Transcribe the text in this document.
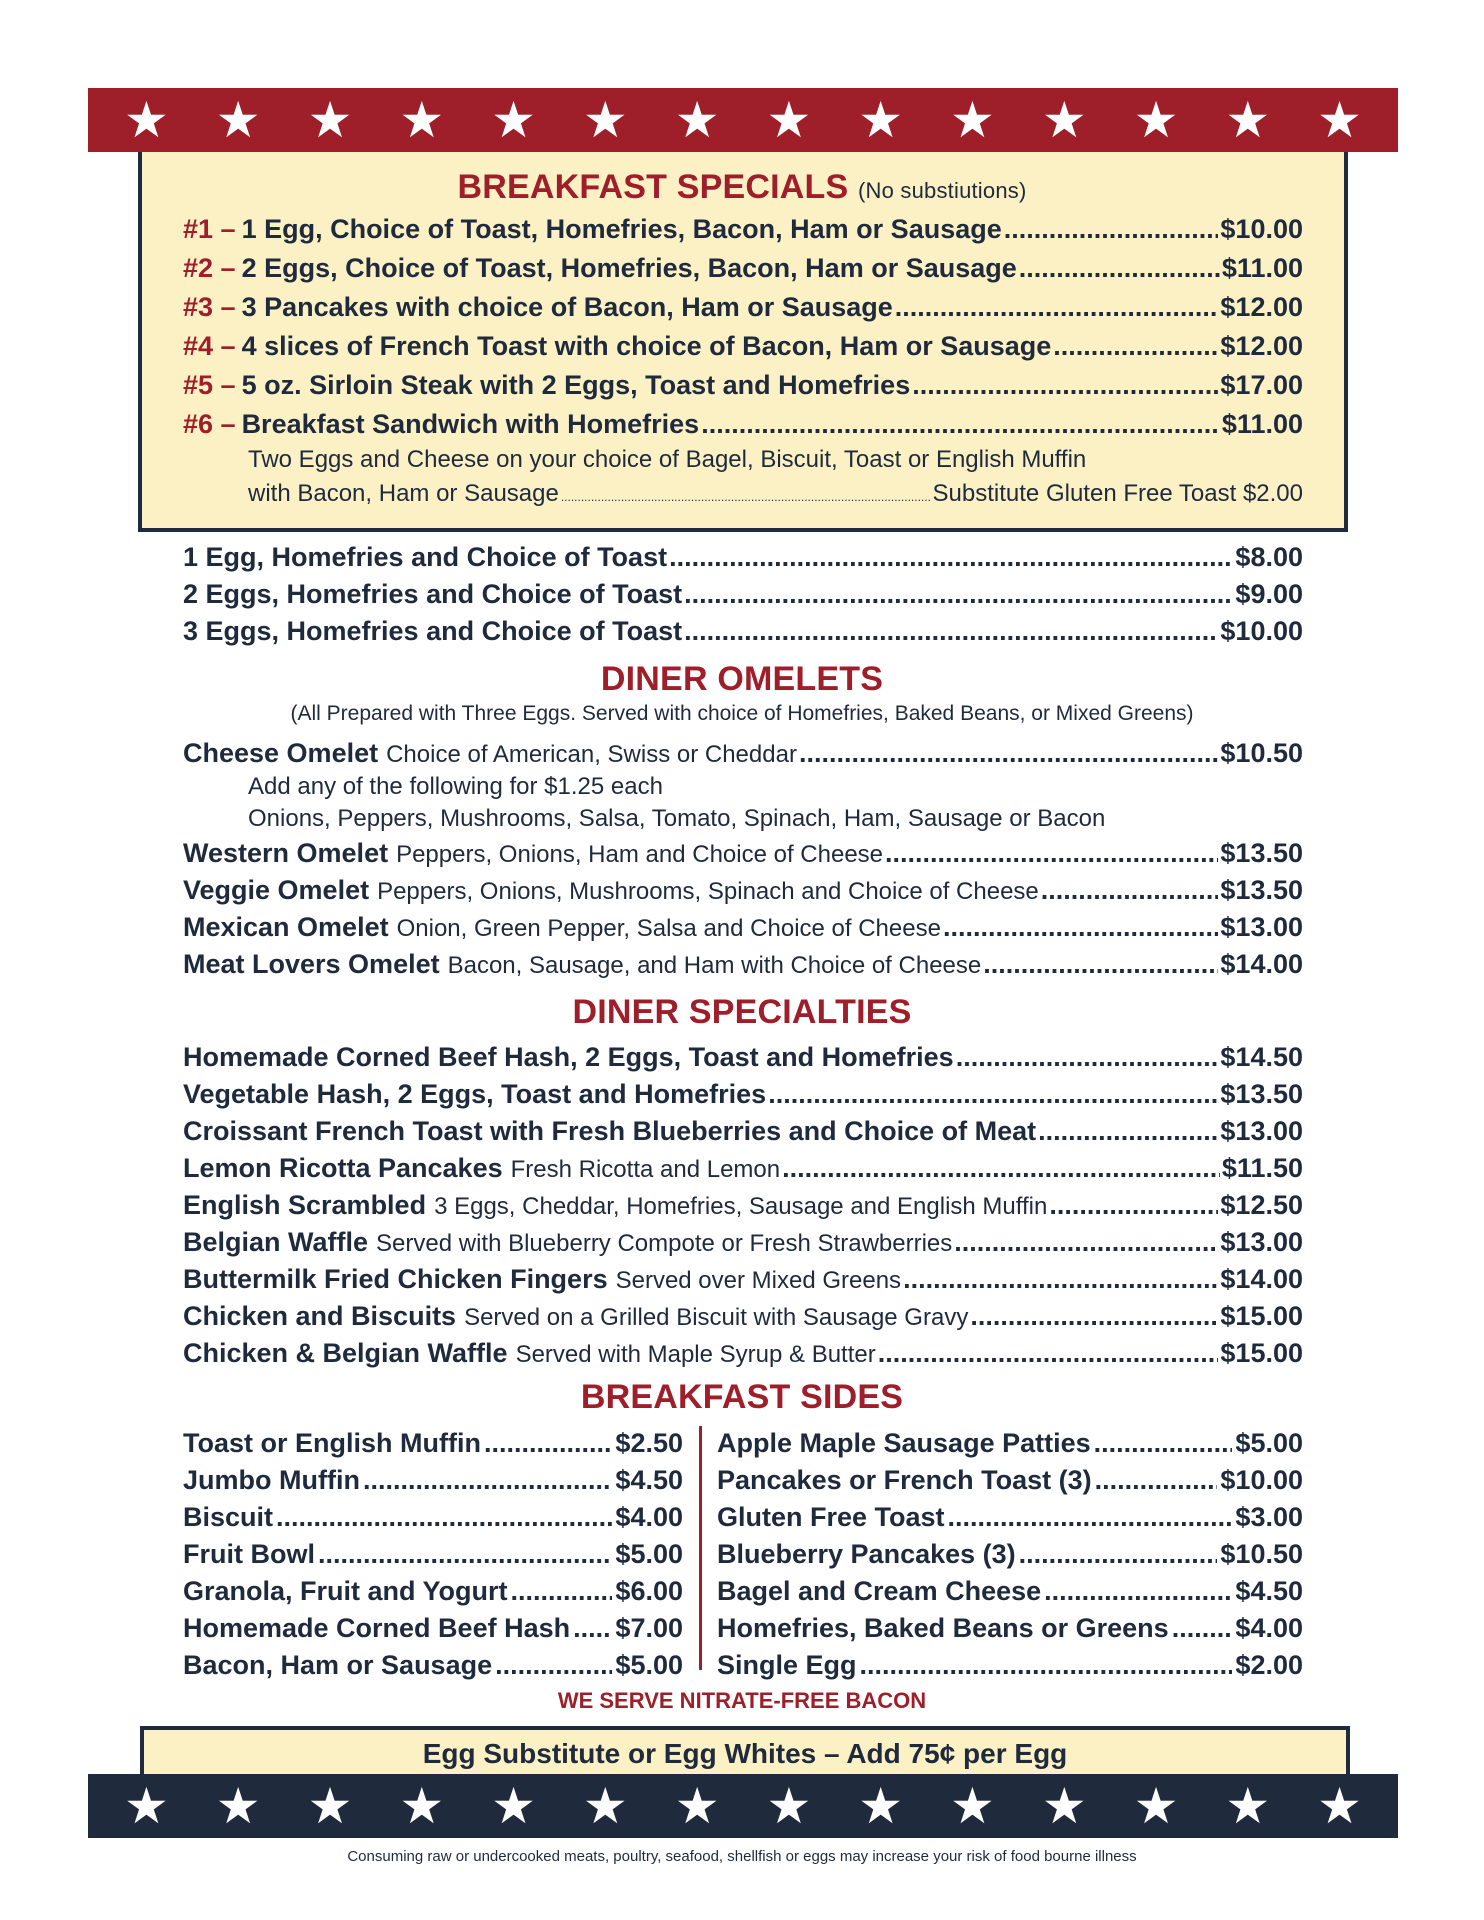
★ ★ ★ ★ ★ ★ ★ ★ ★ ★ ★ ★ ★ ★
BREAKFAST SPECIALS (No substiutions)
#1 – 1 Egg, Choice of Toast, Homefries, Bacon, Ham or Sausage .....	$10.00
#2 – 2 Eggs, Choice of Toast, Homefries, Bacon, Ham or Sausage .....	$11.00
#3 – 3 Pancakes with choice of Bacon, Ham or Sausage .....	$12.00
#4 – 4 slices of French Toast with choice of Bacon, Ham or Sausage .....	$12.00
#5 – 5 oz. Sirloin Steak with 2 Eggs, Toast and Homefries .....	$17.00
#6 – Breakfast Sandwich with Homefries .....	$11.00
Two Eggs and Cheese on your choice of Bagel, Biscuit, Toast or English Muffin
with Bacon, Ham or Sausage .....	Substitute Gluten Free Toast $2.00
1 Egg, Homefries and Choice of Toast .....	$8.00
2 Eggs, Homefries and Choice of Toast .....	$9.00
3 Eggs, Homefries and Choice of Toast .....	$10.00
DINER OMELETS
(All Prepared with Three Eggs. Served with choice of Homefries, Baked Beans, or Mixed Greens)
Cheese Omelet Choice of American, Swiss or Cheddar .....	$10.50
Add any of the following for $1.25 each
Onions, Peppers, Mushrooms, Salsa, Tomato, Spinach, Ham, Sausage or Bacon
Western Omelet Peppers, Onions, Ham and Choice of Cheese .....	$13.50
Veggie Omelet Peppers, Onions, Mushrooms, Spinach and Choice of Cheese .....	$13.50
Mexican Omelet Onion, Green Pepper, Salsa and Choice of Cheese .....	$13.00
Meat Lovers Omelet Bacon, Sausage, and Ham with Choice of Cheese .....	$14.00
DINER SPECIALTIES
Homemade Corned Beef Hash, 2 Eggs, Toast and Homefries .....	$14.50
Vegetable Hash, 2 Eggs, Toast and Homefries .....	$13.50
Croissant French Toast with Fresh Blueberries and Choice of Meat .....	$13.00
Lemon Ricotta Pancakes Fresh Ricotta and Lemon .....	$11.50
English Scrambled 3 Eggs, Cheddar, Homefries, Sausage and English Muffin .....	$12.50
Belgian Waffle Served with Blueberry Compote or Fresh Strawberries .....	$13.00
Buttermilk Fried Chicken Fingers Served over Mixed Greens .....	$14.00
Chicken and Biscuits Served on a Grilled Biscuit with Sausage Gravy .....	$15.00
Chicken & Belgian Waffle Served with Maple Syrup & Butter .....	$15.00
BREAKFAST SIDES
Toast or English Muffin .....	$2.50
Jumbo Muffin .....	$4.50
Biscuit .....	$4.00
Fruit Bowl .....	$5.00
Granola, Fruit and Yogurt .....	$6.00
Homemade Corned Beef Hash ..... $7.00
Bacon, Ham or Sausage .....	$5.00
Apple Maple Sausage Patties .....	$5.00
Pancakes or French Toast (3) .....	$10.00
Gluten Free Toast .....	$3.00
Blueberry Pancakes (3) .....	$10.50
Bagel and Cream Cheese .....	$4.50
Homefries, Baked Beans or Greens ..... $4.00
Single Egg .....	$2.00
WE SERVE NITRATE-FREE BACON
Egg Substitute or Egg Whites – Add 75¢ per Egg
★ ★ ★ ★ ★ ★ ★ ★ ★ ★ ★ ★ ★ ★
Consuming raw or undercooked meats, poultry, seafood, shellfish or eggs may increase your risk of food bourne illness
